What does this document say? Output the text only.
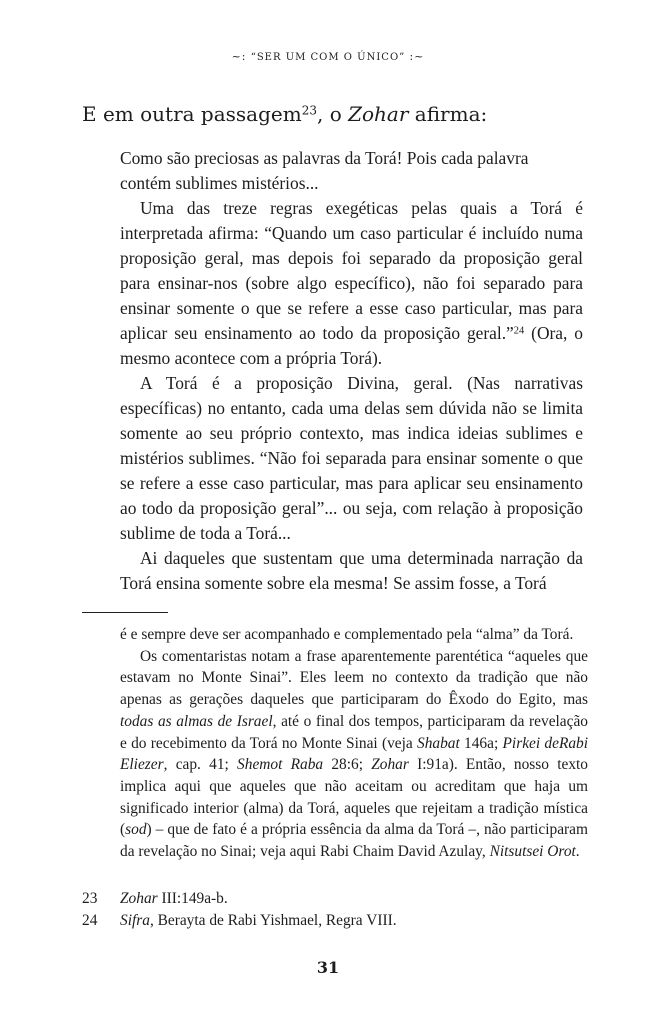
~: “SER UM COM O ÚNICO” :~
E em outra passagem$^{23}$, o Zohar afirma:

Como são preciosas as palavras da Torá! Pois cada palavra contém sublimes mistérios...

Uma das treze regras exegéticas pelas quais a Torá é interpretada afirma: “Quando um caso particular é incluído numa proposição geral, mas depois foi separado da proposição geral para ensinar-nos (sobre algo específico), não foi separado para ensinar somente o que se refere a esse caso particular, mas para aplicar seu ensinamento ao todo da proposição geral.”$^{24}$ (Ora, o mesmo acontece com a própria Torá).

A Torá é a proposição Divina, geral. (Nas narrativas específicas) no entanto, cada uma delas sem dúvida não se limita somente ao seu próprio contexto, mas indica ideias sublimes e mistérios sublimes. “Não foi separada para ensinar somente o que se refere a esse caso particular, mas para aplicar seu ensinamento ao todo da proposição geral”... ou seja, com relação à proposição sublime de toda a Torá...

Ai daqueles que sustentam que uma determinada narração da Torá ensina somente sobre ela mesma! Se assim fosse, a Torá

é e sempre deve ser acompanhado e complementado pela “alma” da Torá.

Os comentaristas notam a frase aparentemente parentética “aqueles que estavam no Monte Sinai”. Eles leem no contexto da tradição que não apenas as gerações daqueles que participaram do Êxodo do Egito, mas todas as almas de Israel, até o final dos tempos, participaram da revelação e do recebimento da Torá no Monte Sinai (veja Shabat 146a; Pirkei deRabi Eliezer, cap. 41; Shemot Raba 28:6; Zohar I:91a). Então, nosso texto implica aqui que aqueles que não aceitam ou acreditam que haja um significado interior (alma) da Torá, aqueles que rejeitam a tradição mística (sod) – que de fato é a própria essência da alma da Torá –, não participaram da revelação no Sinai; veja aqui Rabi Chaim David Azulay, Nitsutsei Orot.

23 Zohar III:149a-b.
24 Sifra, Berayta de Rabi Yishmael, Regra VIII.
31
